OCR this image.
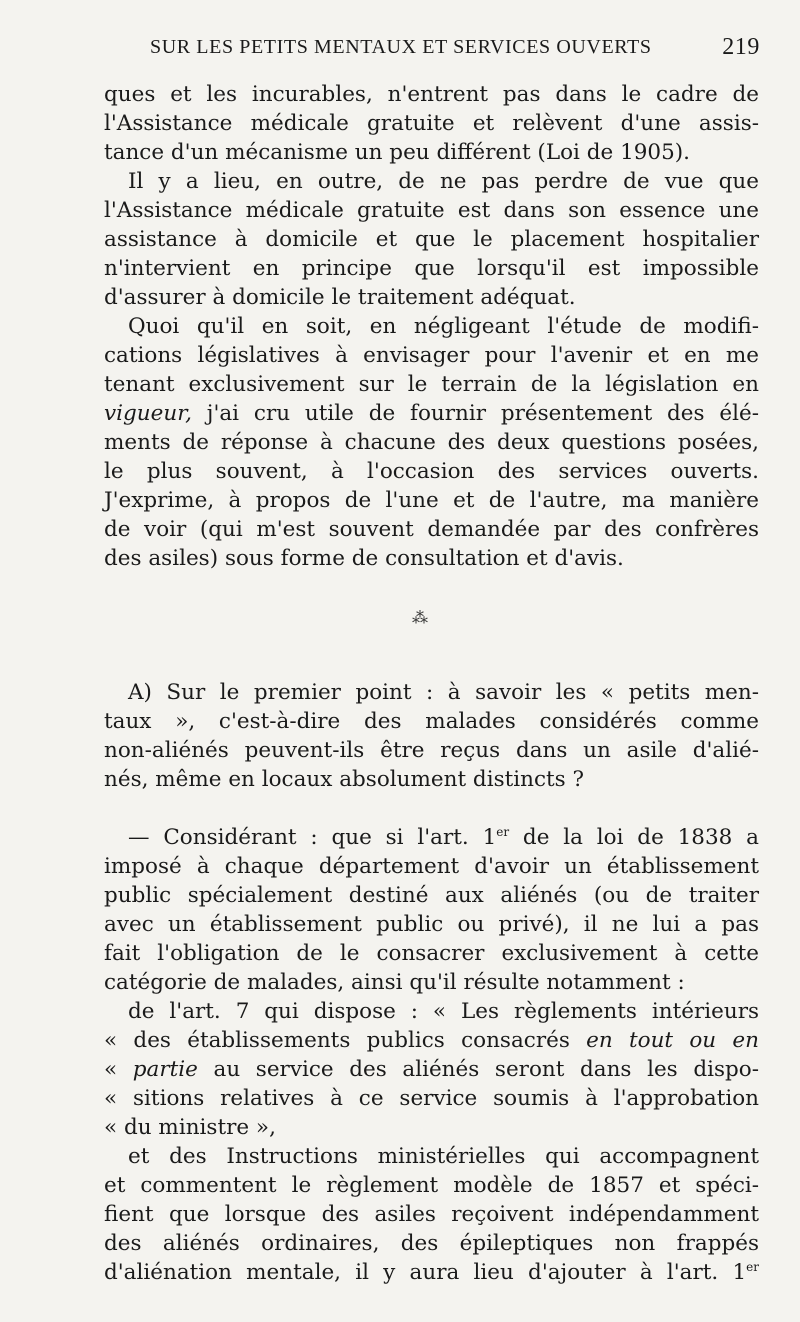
SUR LES PETITS MENTAUX ET SERVICES OUVERTS	219
ques et les incurables, n'entrent pas dans le cadre de
l'Assistance médicale gratuite et relèvent d'une assis-
tance d'un mécanisme un peu différent (Loi de 1905).
Il y a lieu, en outre, de ne pas perdre de vue que
l'Assistance médicale gratuite est dans son essence une
assistance à domicile et que le placement hospitalier
n'intervient en principe que lorsqu'il est impossible
d'assurer à domicile le traitement adéquat.
Quoi qu'il en soit, en négligeant l'étude de modifi-
cations législatives à envisager pour l'avenir et en me
tenant exclusivement sur le terrain de la législation en
vigueur, j'ai cru utile de fournir présentement des élé-
ments de réponse à chacune des deux questions posées,
le plus souvent, à l'occasion des services ouverts.
J'exprime, à propos de l'une et de l'autre, ma manière
de voir (qui m'est souvent demandée par des confrères
des asiles) sous forme de consultation et d'avis.
⁂
A) Sur le premier point : à savoir les « petits men-
taux », c'est-à-dire des malades considérés comme
non-aliénés peuvent-ils être reçus dans un asile d'alié-
nés, même en locaux absolument distincts ?
— Considérant : que si l'art. 1er de la loi de 1838 a
imposé à chaque département d'avoir un établissement
public spécialement destiné aux aliénés (ou de traiter
avec un établissement public ou privé), il ne lui a pas
fait l'obligation de le consacrer exclusivement à cette
catégorie de malades, ainsi qu'il résulte notamment :
de l'art. 7 qui dispose : « Les règlements intérieurs
« des établissements publics consacrés en tout ou en
« partie au service des aliénés seront dans les dispo-
« sitions relatives à ce service soumis à l'approbation
« du ministre »,
et des Instructions ministérielles qui accompagnent
et commentent le règlement modèle de 1857 et spéci-
fient que lorsque des asiles reçoivent indépendamment
des aliénés ordinaires, des épileptiques non frappés
d'aliénation mentale, il y aura lieu d'ajouter à l'art. 1er
